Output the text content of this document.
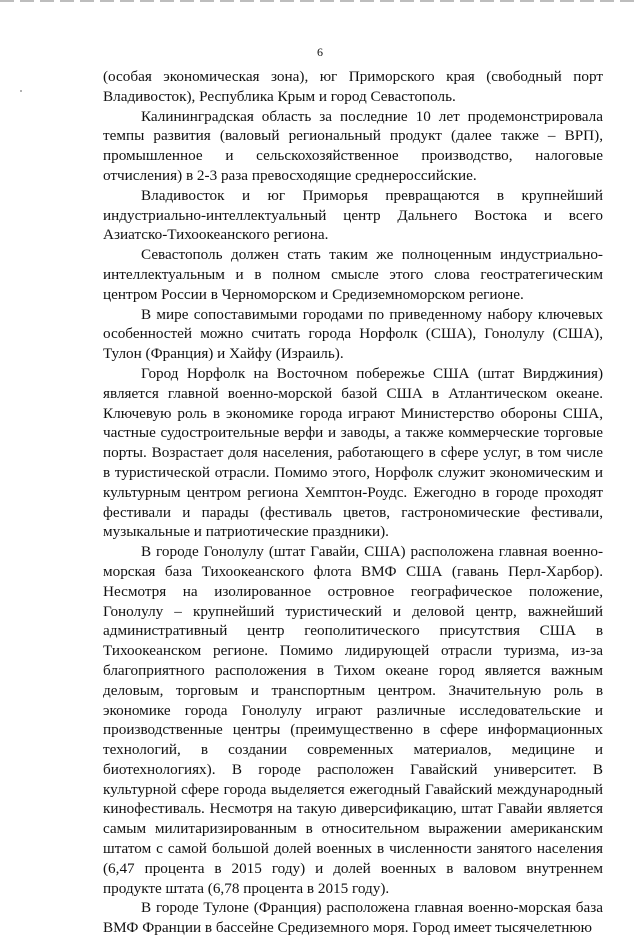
6

(особая экономическая зона), юг Приморского края (свободный порт Владивосток), Республика Крым и город Севастополь.

Калининградская область за последние 10 лет продемонстрировала темпы развития (валовый региональный продукт (далее также – ВРП), промышленное и сельскохозяйственное производство, налоговые отчисления) в 2-3 раза превосходящие среднероссийские.

Владивосток и юг Приморья превращаются в крупнейший индустриально-интеллектуальный центр Дальнего Востока и всего Азиатско-Тихоокеанского региона.

Севастополь должен стать таким же полноценным индустриально-интеллектуальным и в полном смысле этого слова геостратегическим центром России в Черноморском и Средиземноморском регионе.

В мире сопоставимыми городами по приведенному набору ключевых особенностей можно считать города Норфолк (США), Гонолулу (США), Тулон (Франция) и Хайфу (Израиль).

Город Норфолк на Восточном побережье США (штат Вирджиния) является главной военно-морской базой США в Атлантическом океане. Ключевую роль в экономике города играют Министерство обороны США, частные судостроительные верфи и заводы, а также коммерческие торговые порты. Возрастает доля населения, работающего в сфере услуг, в том числе в туристической отрасли. Помимо этого, Норфолк служит экономическим и культурным центром региона Хемптон-Роудс. Ежегодно в городе проходят фестивали и парады (фестиваль цветов, гастрономические фестивали, музыкальные и патриотические праздники).

В городе Гонолулу (штат Гавайи, США) расположена главная военно-морская база Тихоокеанского флота ВМФ США (гавань Перл-Харбор). Несмотря на изолированное островное географическое положение, Гонолулу – крупнейший туристический и деловой центр, важнейший административный центр геополитического присутствия США в Тихоокеанском регионе. Помимо лидирующей отрасли туризма, из-за благоприятного расположения в Тихом океане город является важным деловым, торговым и транспортным центром. Значительную роль в экономике города Гонолулу играют различные исследовательские и производственные центры (преимущественно в сфере информационных технологий, в создании современных материалов, медицине и биотехнологиях). В городе расположен Гавайский университет. В культурной сфере города выделяется ежегодный Гавайский международный кинофестиваль. Несмотря на такую диверсификацию, штат Гавайи является самым милитаризированным в относительном выражении американским штатом с самой большой долей военных в численности занятого населения (6,47 процента в 2015 году) и долей военных в валовом внутреннем продукте штата (6,78 процента в 2015 году).

В городе Тулоне (Франция) расположена главная военно-морская база ВМФ Франции в бассейне Средиземного моря. Город имеет тысячелетнюю
